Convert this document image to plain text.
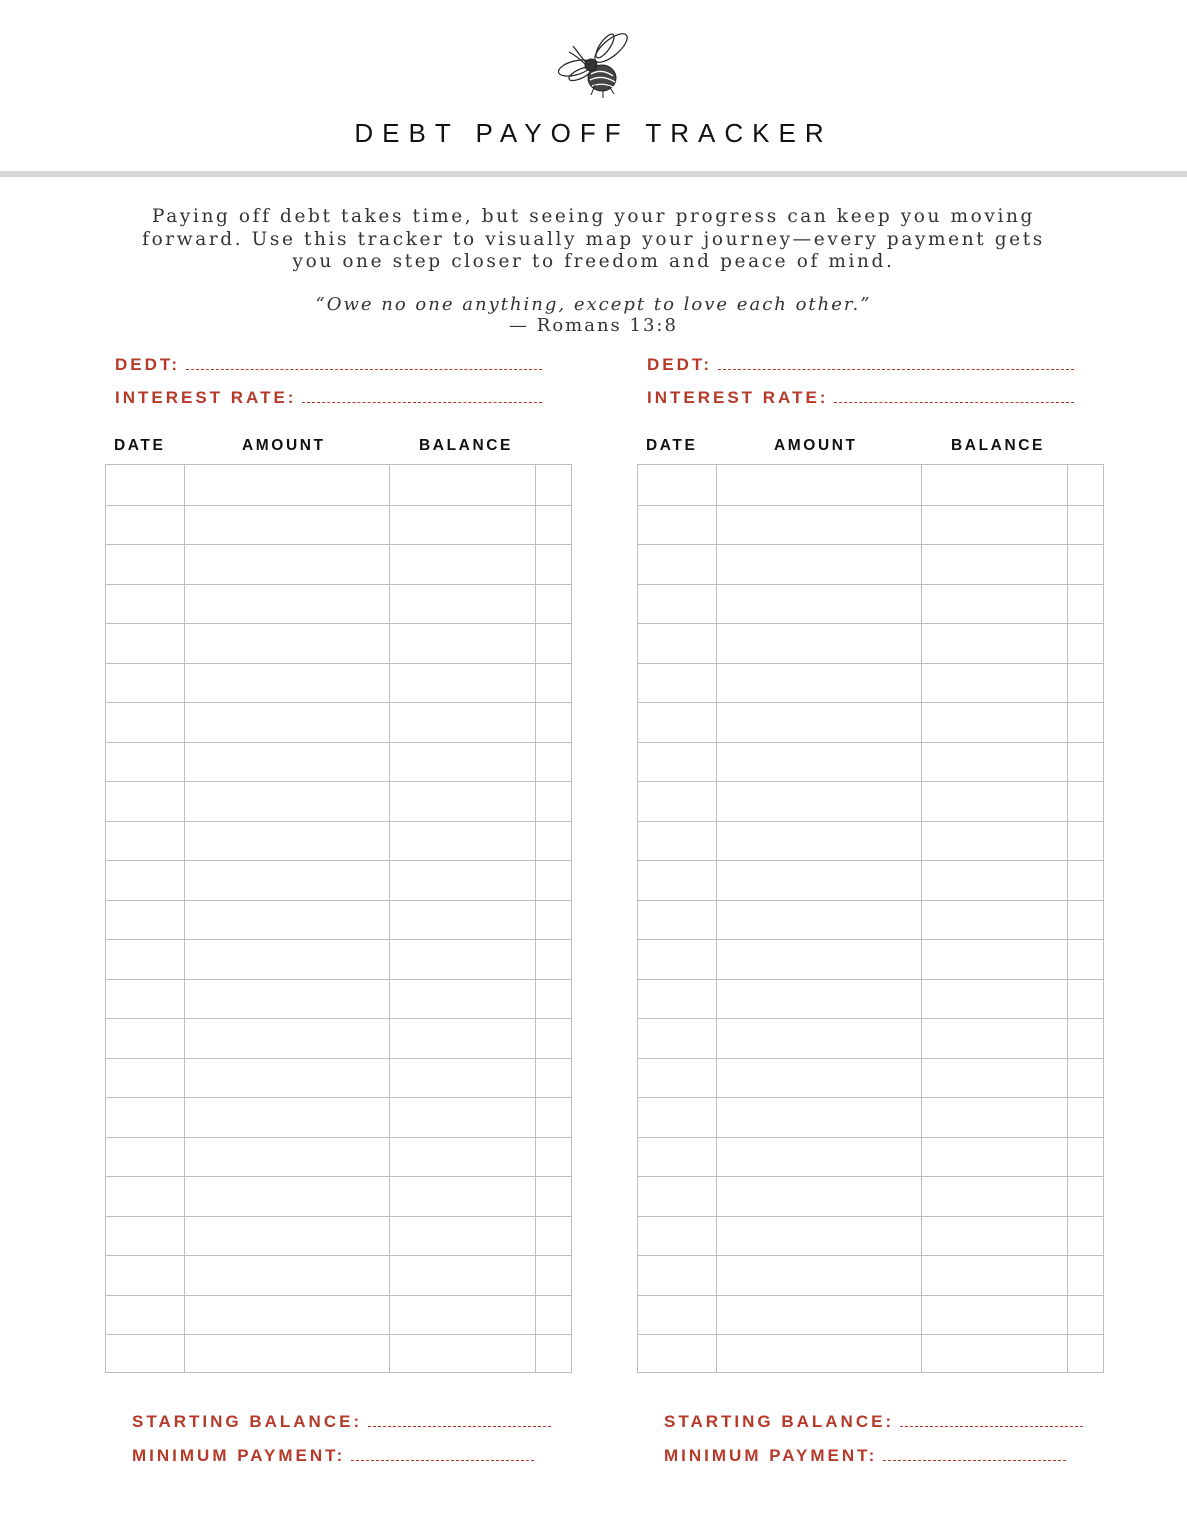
DEBT PAYOFF TRACKER

Paying off debt takes time, but seeing your progress can keep you moving

forward. Use this tracker to visually map your journey—every payment gets

you one step closer to freedom and peace of mind.

“Owe no one anything, except to love each other.”

— Romans 13:8

DEDT:
INTEREST RATE:
DATE	AMOUNT	BALANCE
STARTING BALANCE:
MINIMUM PAYMENT:
DEDT:
INTEREST RATE:
DATE	AMOUNT	BALANCE
STARTING BALANCE:
MINIMUM PAYMENT:
